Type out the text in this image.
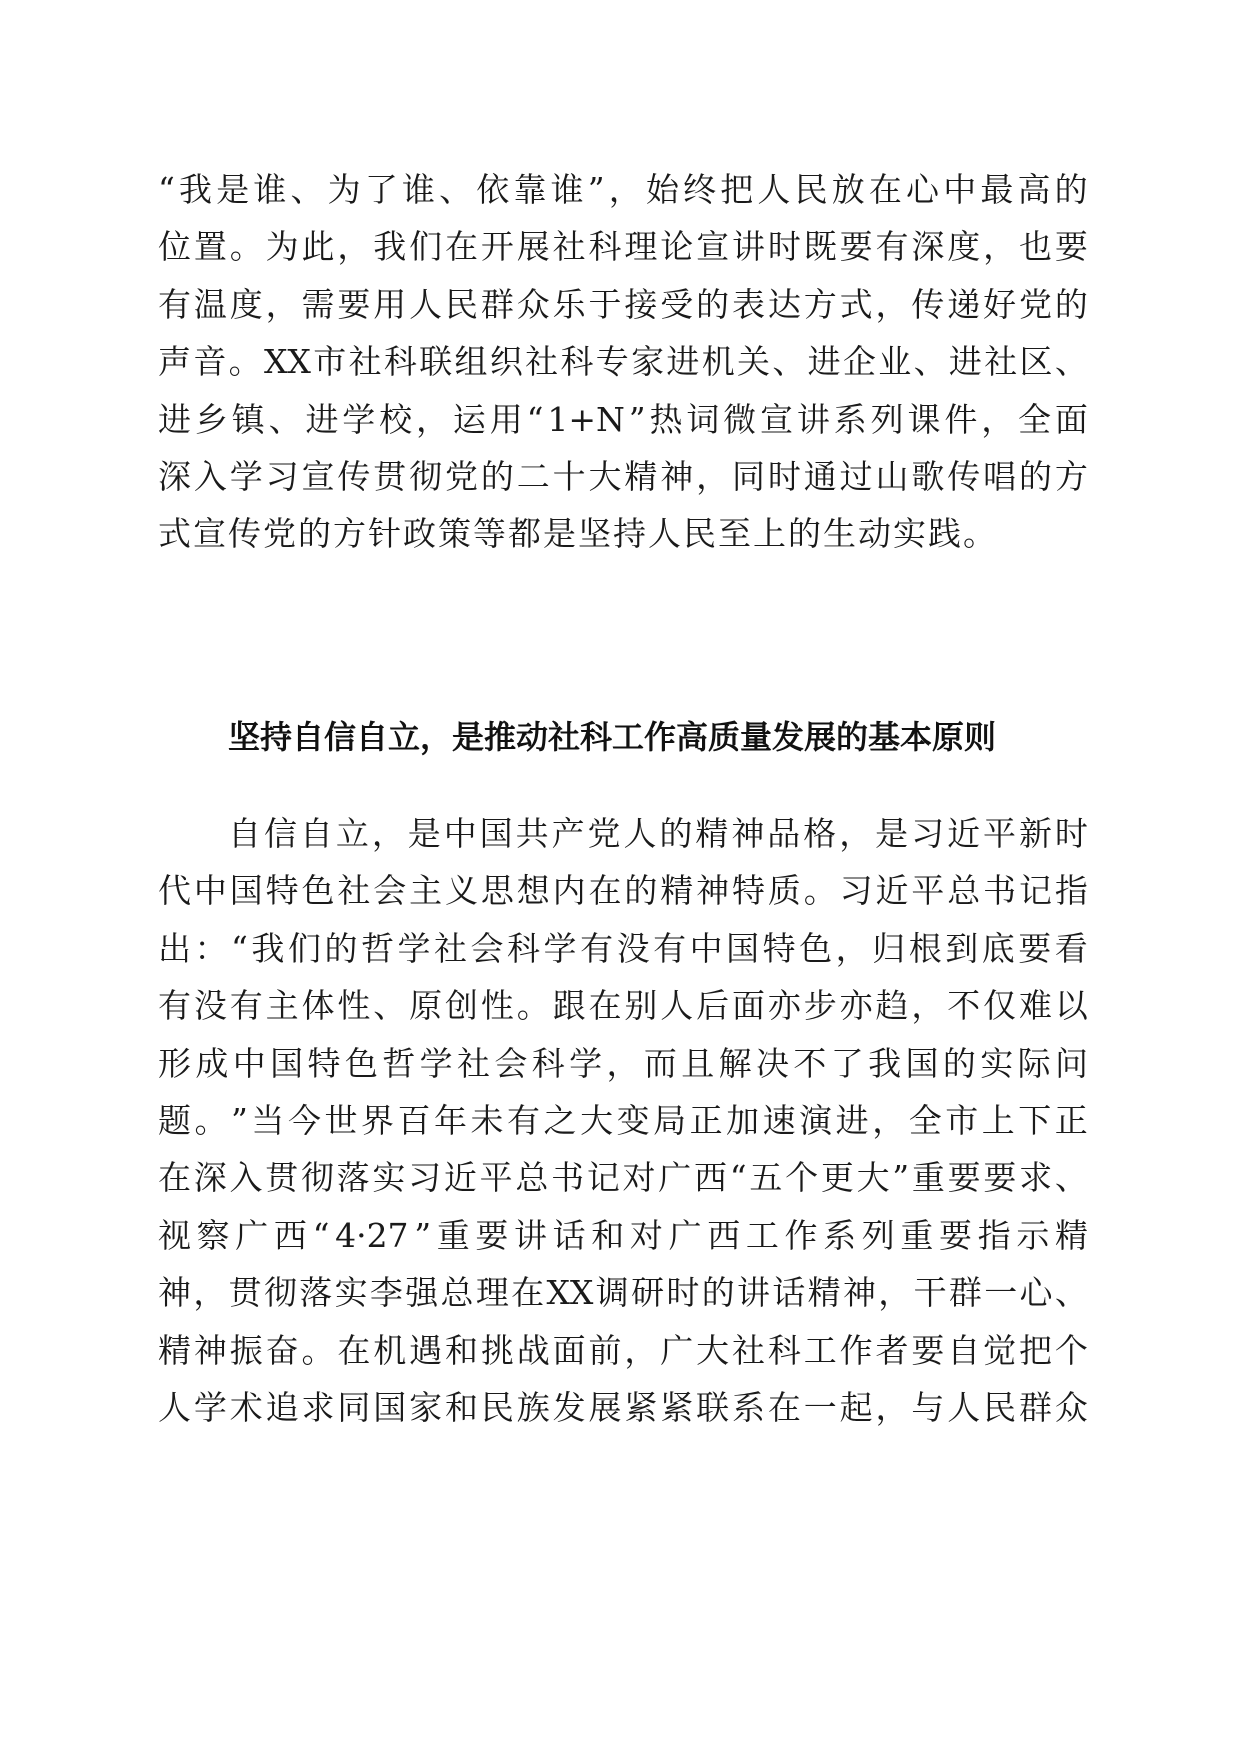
“ 我 是 谁 、 为 了 谁 、 依 靠 谁 ” ， 始 终 把 人 民 放 在 心 中 最 高 的
位 置 。 为 此 ， 我 们 在 开 展 社 科 理 论 宣 讲 时 既 要 有 深 度 ， 也 要
有 温 度 ， 需 要 用 人 民 群 众 乐 于 接 受 的 表 达 方 式 ， 传 递 好 党 的
声 音 。 XX 市 社 科 联 组 织 社 科 专 家 进 机 关 、 进 企 业 、 进 社 区 、
进 乡 镇 、 进 学 校 ， 运 用 “ 1+N ” 热 词 微 宣 讲 系 列 课 件 ， 全 面
深 入 学 习 宣 传 贯 彻 党 的 二 十 大 精 神 ， 同 时 通 过 山 歌 传 唱 的 方
式 宣 传 党 的 方 针 政 策 等 都 是 坚 持 人 民 至 上 的 生 动 实 践 。
坚持自信自立，是推动社科工作高质量发展的基本原则
自 信 自 立 ， 是 中 国 共 产 党 人 的 精 神 品 格 ， 是 习 近 平 新 时
代 中 国 特 色 社 会 主 义 思 想 内 在 的 精 神 特 质 。 习 近 平 总 书 记 指
出 ： “ 我 们 的 哲 学 社 会 科 学 有 没 有 中 国 特 色 ， 归 根 到 底 要 看
有 没 有 主 体 性 、 原 创 性 。 跟 在 别 人 后 面 亦 步 亦 趋 ， 不 仅 难 以
形 成 中 国 特 色 哲 学 社 会 科 学 ， 而 且 解 决 不 了 我 国 的 实 际 问
题 。 ” 当 今 世 界 百 年 未 有 之 大 变 局 正 加 速 演 进 ， 全 市 上 下 正
在 深 入 贯 彻 落 实 习 近 平 总 书 记 对 广 西 “ 五 个 更 大 ” 重 要 要 求 、
视 察 广 西 “ 4·27 ” 重 要 讲 话 和 对 广 西 工 作 系 列 重 要 指 示 精
神 ， 贯 彻 落 实 李 强 总 理 在 XX 调 研 时 的 讲 话 精 神 ， 干 群 一 心 、
精 神 振 奋 。 在 机 遇 和 挑 战 面 前 ， 广 大 社 科 工 作 者 要 自 觉 把 个
人 学 术 追 求 同 国 家 和 民 族 发 展 紧 紧 联 系 在 一 起 ， 与 人 民 群 众
